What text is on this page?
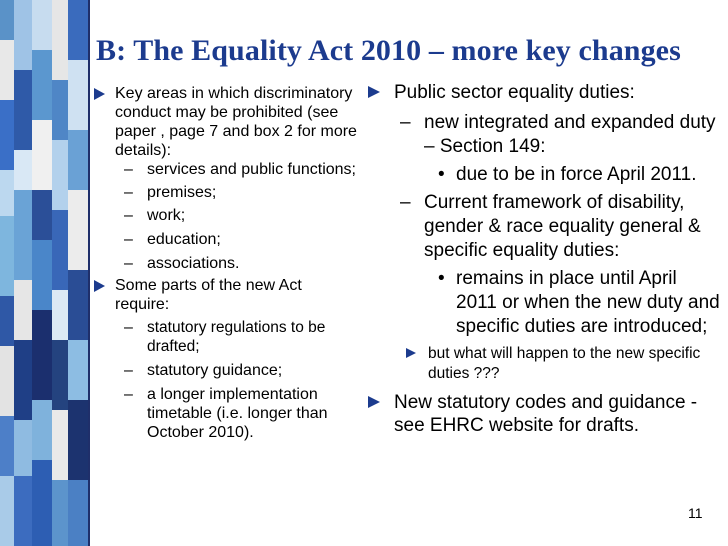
B: The Equality Act 2010 – more key changes
Key areas in which discriminatory conduct may be prohibited (see paper , page 7 and box 2 for more details):
– services and public functions;
– premises;
– work;
– education;
– associations.
Some parts of the new Act require:
– statutory regulations to be drafted;
– statutory guidance;
– a longer implementation timetable (i.e. longer than October 2010).
Public sector equality duties:
– new integrated and expanded duty – Section 149:
• due to be in force April 2011.
– Current framework of disability, gender & race equality general & specific equality duties:
• remains in place until April 2011 or when the new duty and specific duties are introduced;
but what will happen to the new specific duties ???
New statutory codes and guidance - see EHRC website for drafts.
11
